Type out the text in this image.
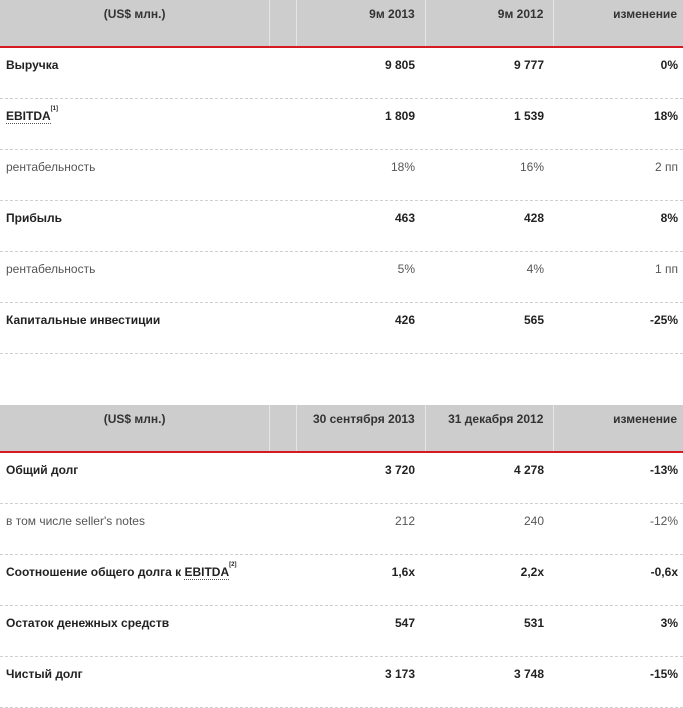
(US$ млн.)	9м 2013	9м 2012	изменение
Выручка	9 805	9 777	0%
EBITDA[1]	1 809	1 539	18%
рентабельность	18%	16%	2 пп
Прибыль	463	428	8%
рентабельность	5%	4%	1 пп
Капитальные инвестиции	426	565	-25%
(US$ млн.)	30 сентября 2013	31 декабря 2012	изменение
Общий долг	3 720	4 278	-13%
в том числе seller's notes	212	240	-12%
Соотношение общего долга к EBITDA[2]	1,6x	2,2x	-0,6x
Остаток денежных средств	547	531	3%
Чистый долг	3 173	3 748	-15%
